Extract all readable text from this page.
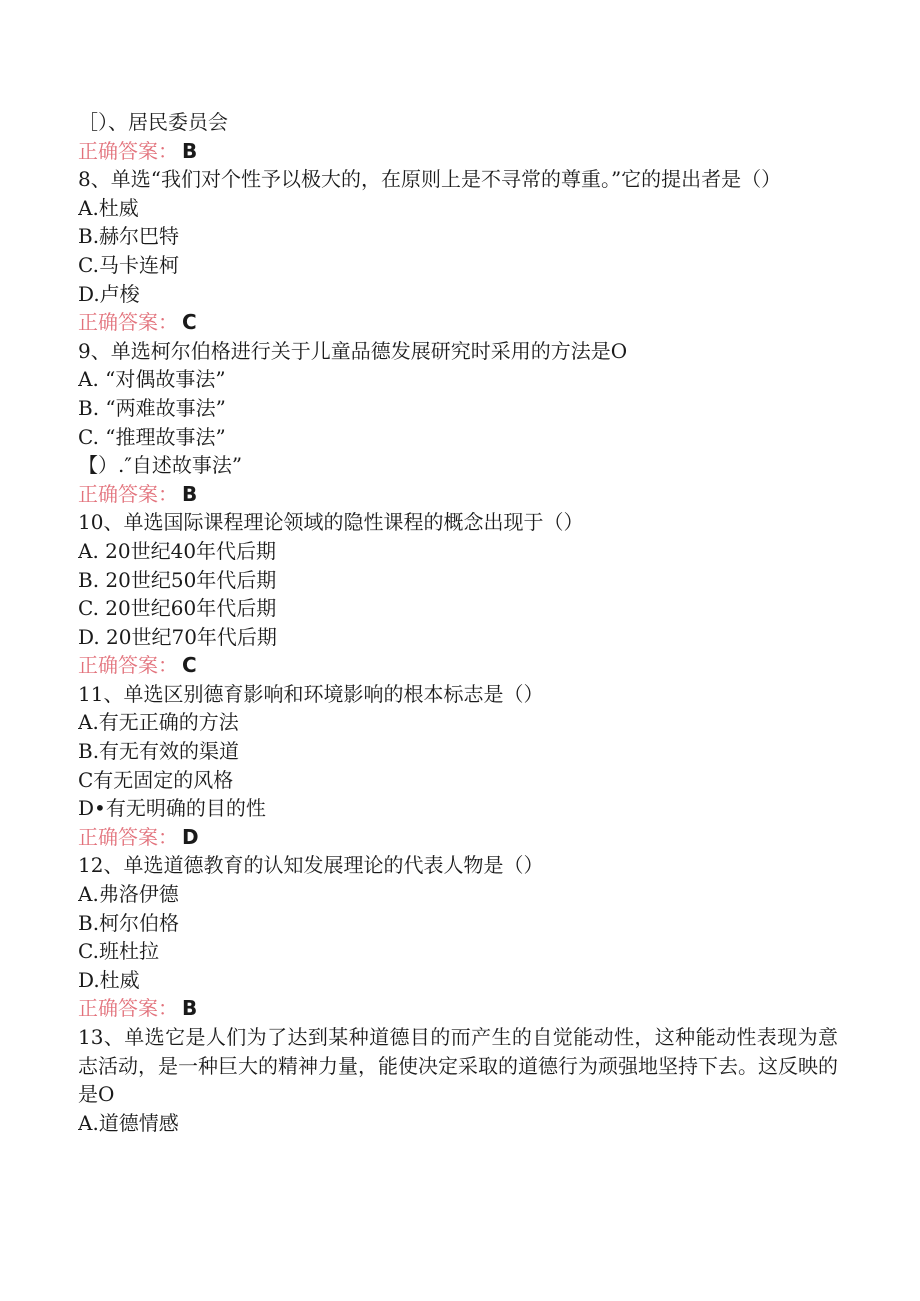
［）、居民委员会
正确答案： B
8、单选“我们对个性予以极大的，在原则上是不寻常的尊重。”它的提出者是（）
A.杜威
B.赫尔巴特
C.马卡连柯
D.卢梭
正确答案： C
9、单选柯尔伯格进行关于儿童品德发展研究时采用的方法是O
A. “对偶故事法”
B. “两难故事法”
C. “推理故事法”
【）.″自述故事法”
正确答案： B
10、单选国际课程理论领域的隐性课程的概念出现于（）
A. 20世纪40年代后期
B. 20世纪50年代后期
C. 20世纪60年代后期
D. 20世纪70年代后期
正确答案： C
11、单选区别德育影响和环境影响的根本标志是（）
A.有无正确的方法
B.有无有效的渠道
C有无固定的风格
D•有无明确的目的性
正确答案： D
12、单选道德教育的认知发展理论的代表人物是（）
A.弗洛伊德
B.柯尔伯格
C.班杜拉
D.杜威
正确答案： B
13、单选它是人们为了达到某种道德目的而产生的自觉能动性，这种能动性表现为意志活动，是一种巨大的精神力量，能使决定采取的道德行为顽强地坚持下去。这反映的是O
A.道德情感
